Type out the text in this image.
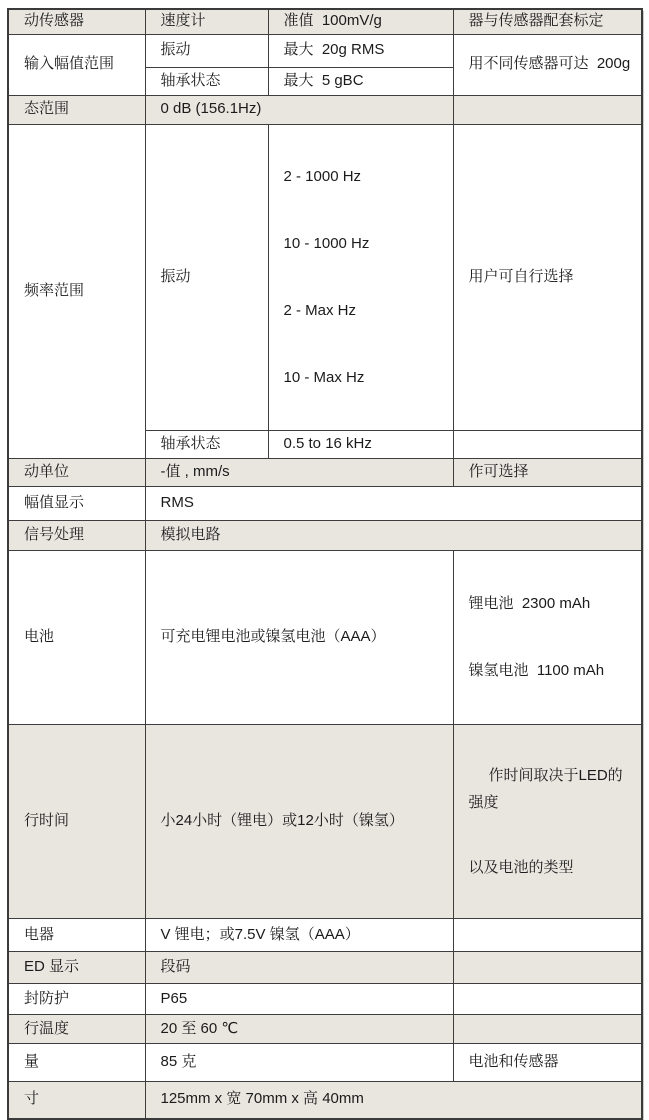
动传感器	速度计	准值  100mV/g	器与传感器配套标定
输入幅值范围	振动	最大  20g RMS	用不同传感器可达  200g
	轴承状态	最大  5 gBC	
态范围	0 dB (156.1Hz)		
频率范围	振动	2 - 1000 Hz

10 - 1000 Hz

2 - Max Hz

10 - Max Hz	用户可自行选择
	轴承状态	0.5 to 16 kHz	
动单位	-值 , mm/s		作可选择
幅值显示	RMS		
信号处理	模拟电路		
电池	可充电锂电池或镍氢电池（AAA）		锂电池  2300 mAh

镍氢电池  1100 mAh

行时间	小24小时（锂电）或12小时（镍氢）		作时间取决于LED的强度

以及电池的类型

电器	V 锂电；或7.5V 镍氢（AAA）		
ED 显示	段码		
封防护	P65		
行温度	20 至 60 ℃		
量	85 克		电池和传感器
寸	125mm x 宽 70mm x 高 40mm		
